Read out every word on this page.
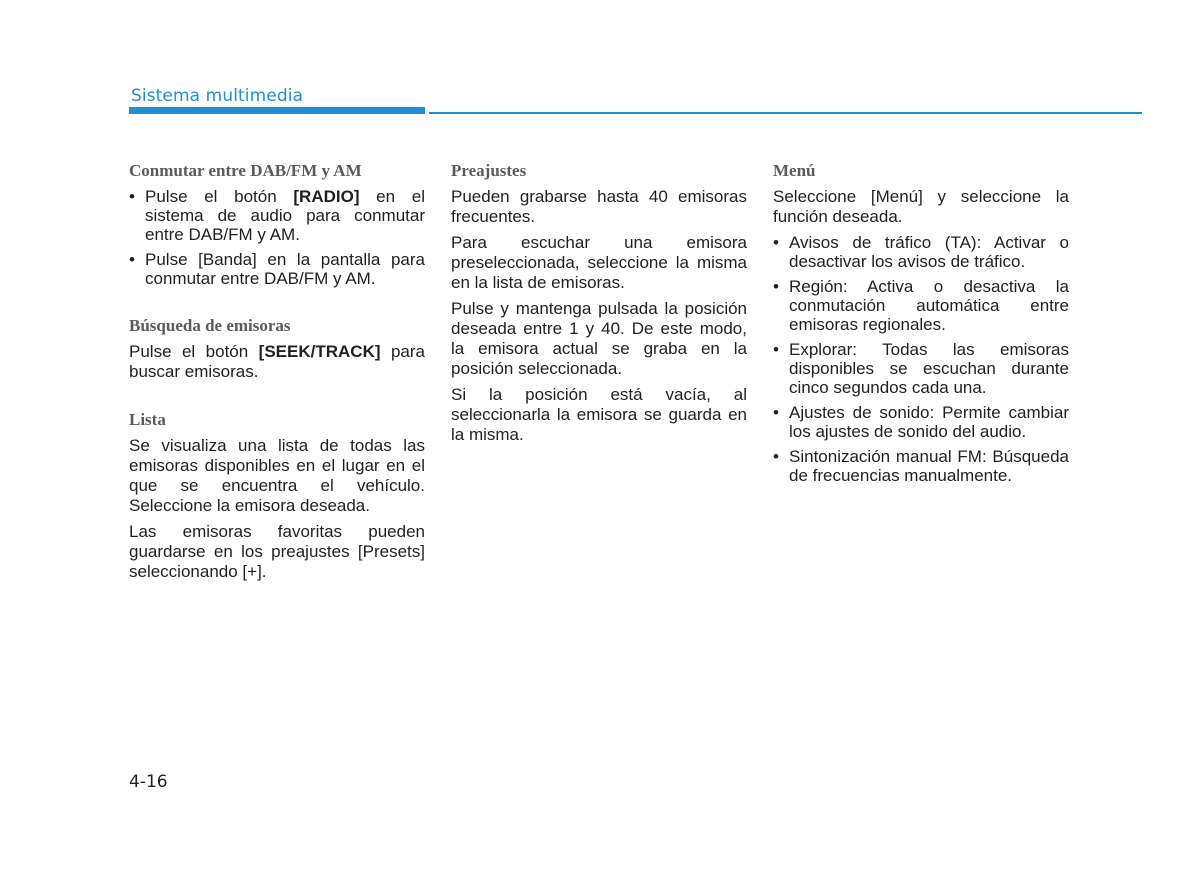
Sistema multimedia
Conmutar entre DAB/FM y AM
• Pulse el botón [RADIO] en el sistema de audio para conmutar entre DAB/FM y AM.
• Pulse [Banda] en la pantalla para conmutar entre DAB/FM y AM.
Búsqueda de emisoras

Pulse el botón [SEEK/TRACK] para buscar emisoras.

Lista

Se visualiza una lista de todas las emisoras disponibles en el lugar en el que se encuentra el vehículo. Seleccione la emisora deseada.

Las emisoras favoritas pueden guardarse en los preajustes [Presets] seleccionando [+].

Preajustes

Pueden grabarse hasta 40 emisoras frecuentes.

Para escuchar una emisora preseleccionada, seleccione la misma en la lista de emisoras.

Pulse y mantenga pulsada la posición deseada entre 1 y 40. De este modo, la emisora actual se graba en la posición seleccionada.

Si la posición está vacía, al seleccionarla la emisora se guarda en la misma.

Menú

Seleccione [Menú] y seleccione la función deseada.

• Avisos de tráfico (TA): Activar o desactivar los avisos de tráfico.
• Región: Activa o desactiva la conmutación automática entre emisoras regionales.
• Explorar: Todas las emisoras disponibles se escuchan durante cinco segundos cada una.
• Ajustes de sonido: Permite cambiar los ajustes de sonido del audio.
• Sintonización manual FM: Búsqueda de frecuencias manualmente.
4-16
